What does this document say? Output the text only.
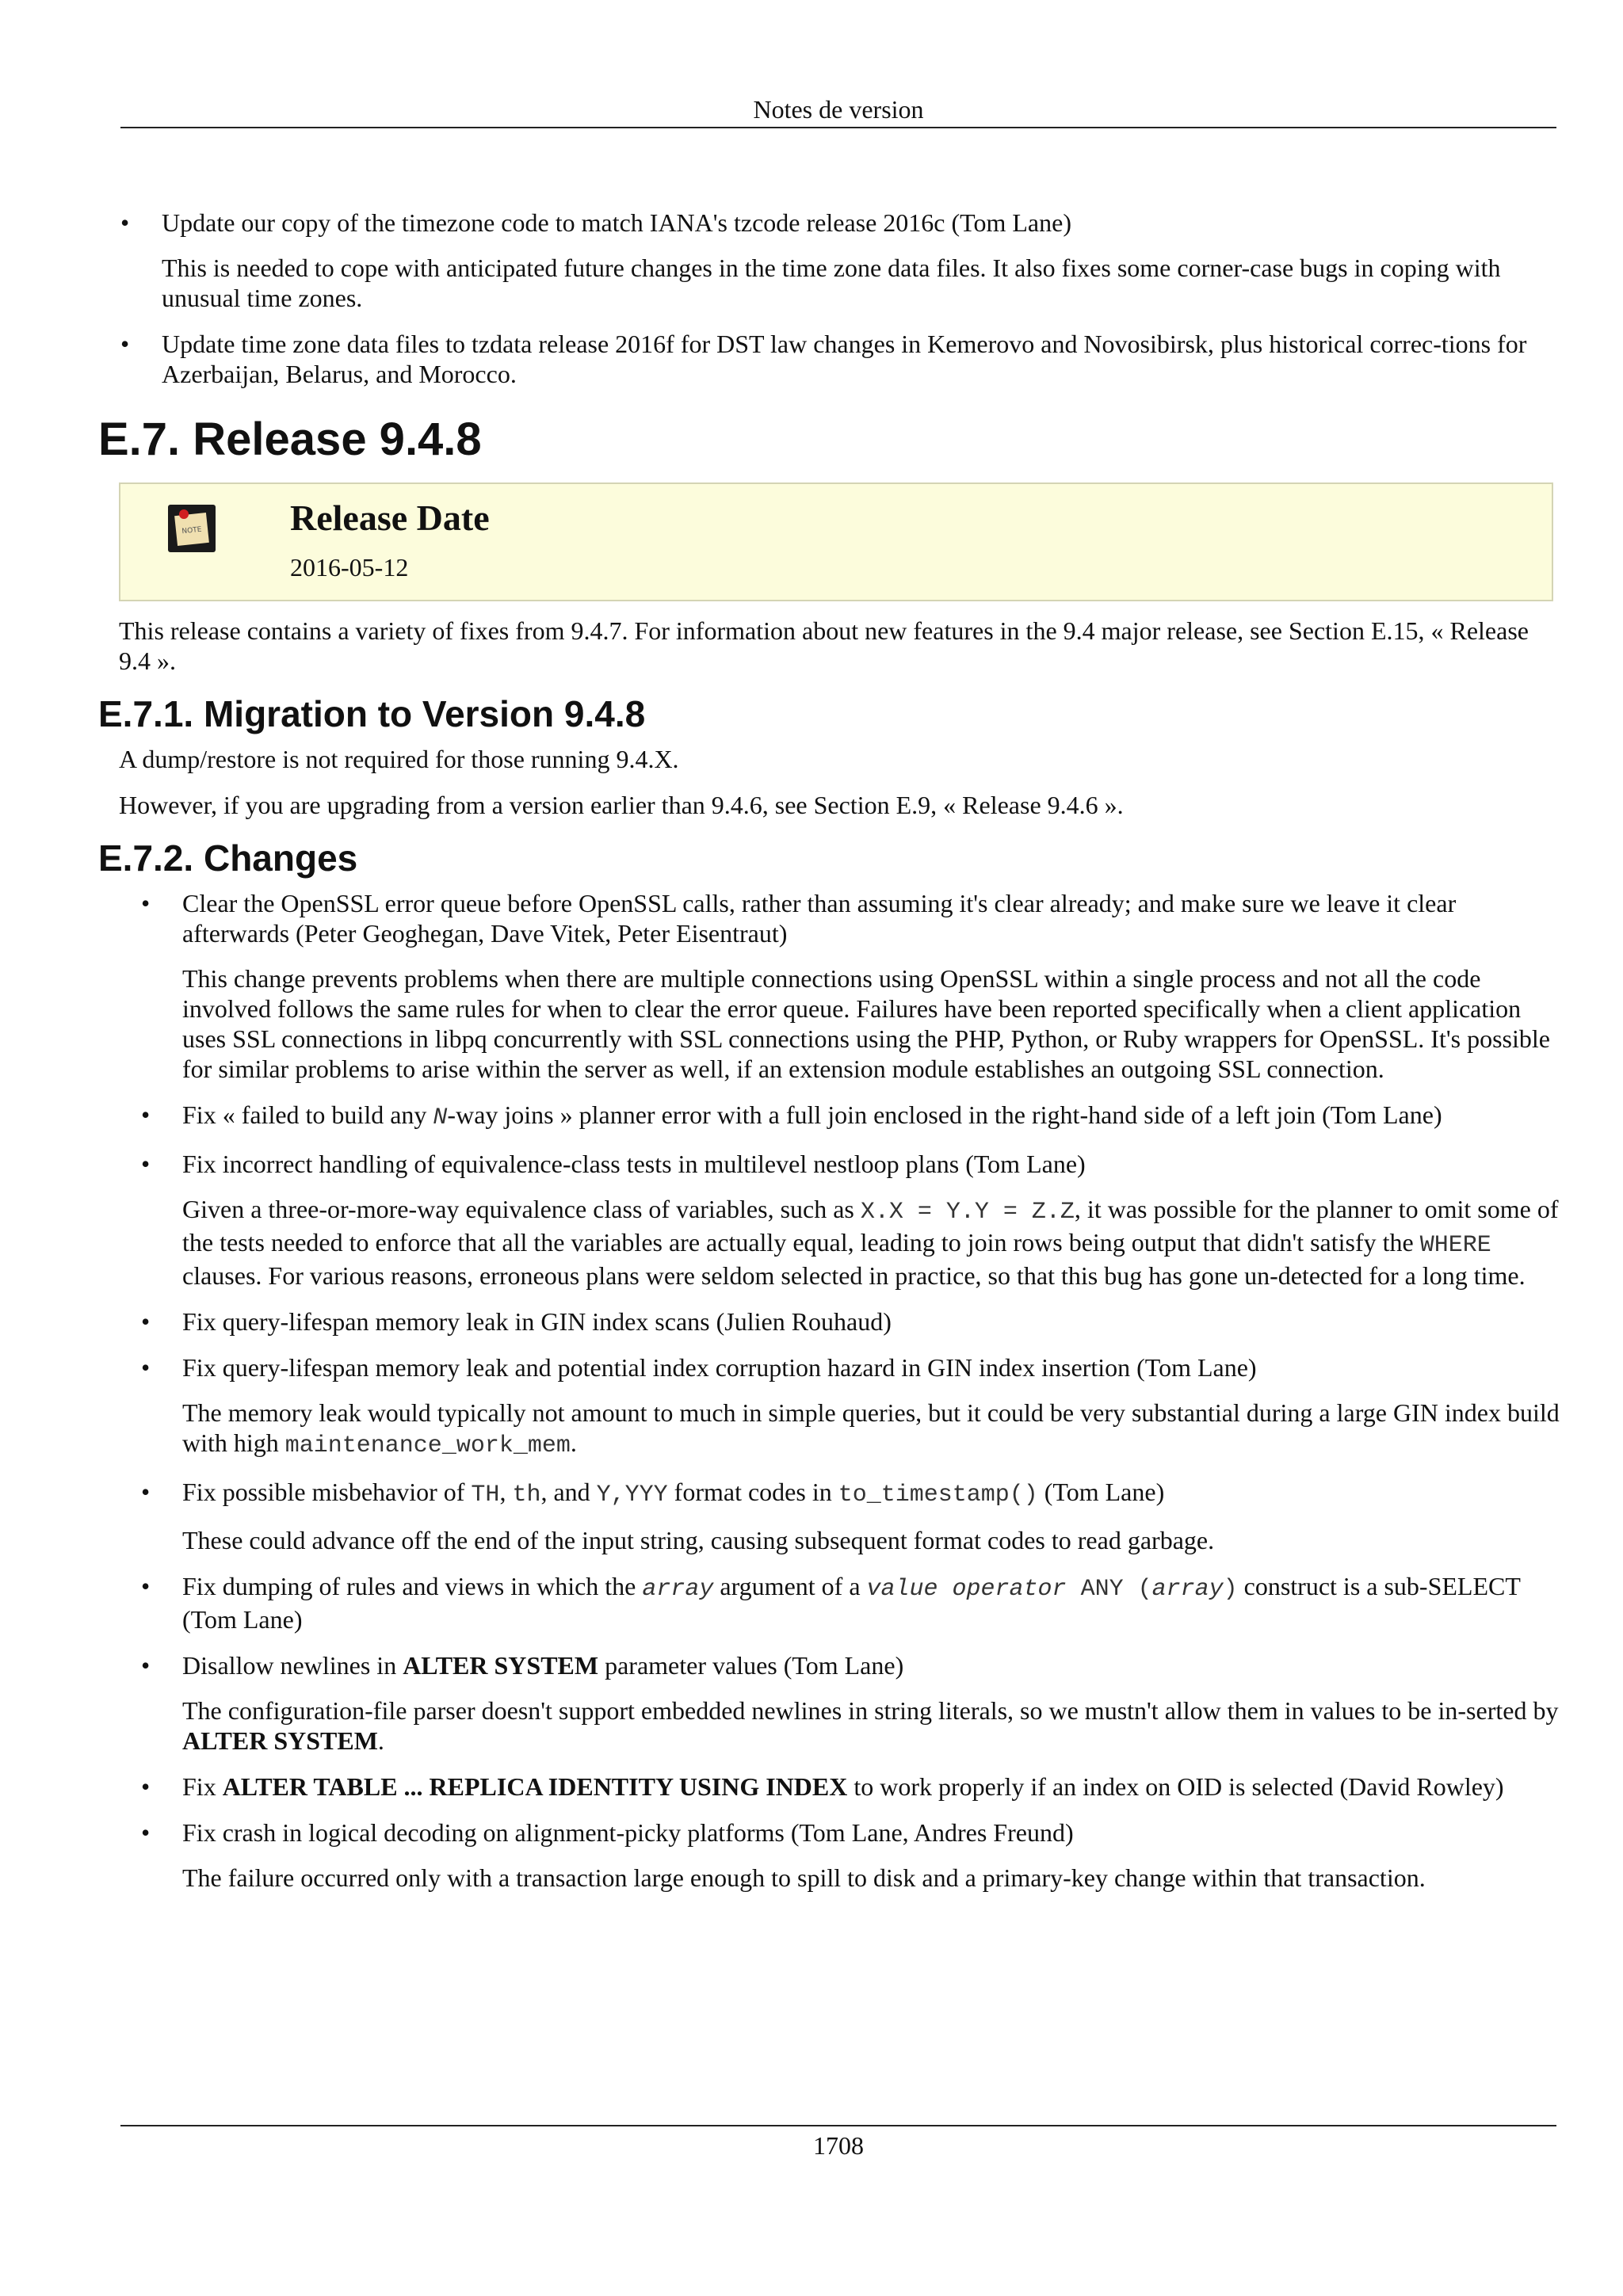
Notes de version
• Update our copy of the timezone code to match IANA's tzcode release 2016c (Tom Lane)
This is needed to cope with anticipated future changes in the time zone data files. It also fixes some corner-case bugs in coping with unusual time zones.
• Update time zone data files to tzdata release 2016f for DST law changes in Kemerovo and Novosibirsk, plus historical correc-tions for Azerbaijan, Belarus, and Morocco.
E.7. Release 9.4.8
NOTE Release Date
2016-05-12

This release contains a variety of fixes from 9.4.7. For information about new features in the 9.4 major release, see Section E.15, « Release 9.4 ».

E.7.1. Migration to Version 9.4.8

A dump/restore is not required for those running 9.4.X.

However, if you are upgrading from a version earlier than 9.4.6, see Section E.9, « Release 9.4.6 ».

E.7.2. Changes
• Clear the OpenSSL error queue before OpenSSL calls, rather than assuming it's clear already; and make sure we leave it clear afterwards (Peter Geoghegan, Dave Vitek, Peter Eisentraut)
This change prevents problems when there are multiple connections using OpenSSL within a single process and not all the code involved follows the same rules for when to clear the error queue. Failures have been reported specifically when a client application uses SSL connections in libpq concurrently with SSL connections using the PHP, Python, or Ruby wrappers for OpenSSL. It's possible for similar problems to arise within the server as well, if an extension module establishes an outgoing SSL connection.
• Fix « failed to build any N-way joins » planner error with a full join enclosed in the right-hand side of a left join (Tom Lane)
• Fix incorrect handling of equivalence-class tests in multilevel nestloop plans (Tom Lane)
Given a three-or-more-way equivalence class of variables, such as X.X = Y.Y = Z.Z, it was possible for the planner to omit some of the tests needed to enforce that all the variables are actually equal, leading to join rows being output that didn't satisfy the WHERE clauses. For various reasons, erroneous plans were seldom selected in practice, so that this bug has gone un-detected for a long time.
• Fix query-lifespan memory leak in GIN index scans (Julien Rouhaud)
• Fix query-lifespan memory leak and potential index corruption hazard in GIN index insertion (Tom Lane)
The memory leak would typically not amount to much in simple queries, but it could be very substantial during a large GIN index build with high maintenance_work_mem.
• Fix possible misbehavior of TH, th, and Y,YYY format codes in to_timestamp() (Tom Lane)
These could advance off the end of the input string, causing subsequent format codes to read garbage.
• Fix dumping of rules and views in which the array argument of a value operator ANY (array) construct is a sub-SELECT (Tom Lane)
• Disallow newlines in ALTER SYSTEM parameter values (Tom Lane)
The configuration-file parser doesn't support embedded newlines in string literals, so we mustn't allow them in values to be in-serted by ALTER SYSTEM.
• Fix ALTER TABLE ... REPLICA IDENTITY USING INDEX to work properly if an index on OID is selected (David Rowley)
• Fix crash in logical decoding on alignment-picky platforms (Tom Lane, Andres Freund)
The failure occurred only with a transaction large enough to spill to disk and a primary-key change within that transaction.
1708
